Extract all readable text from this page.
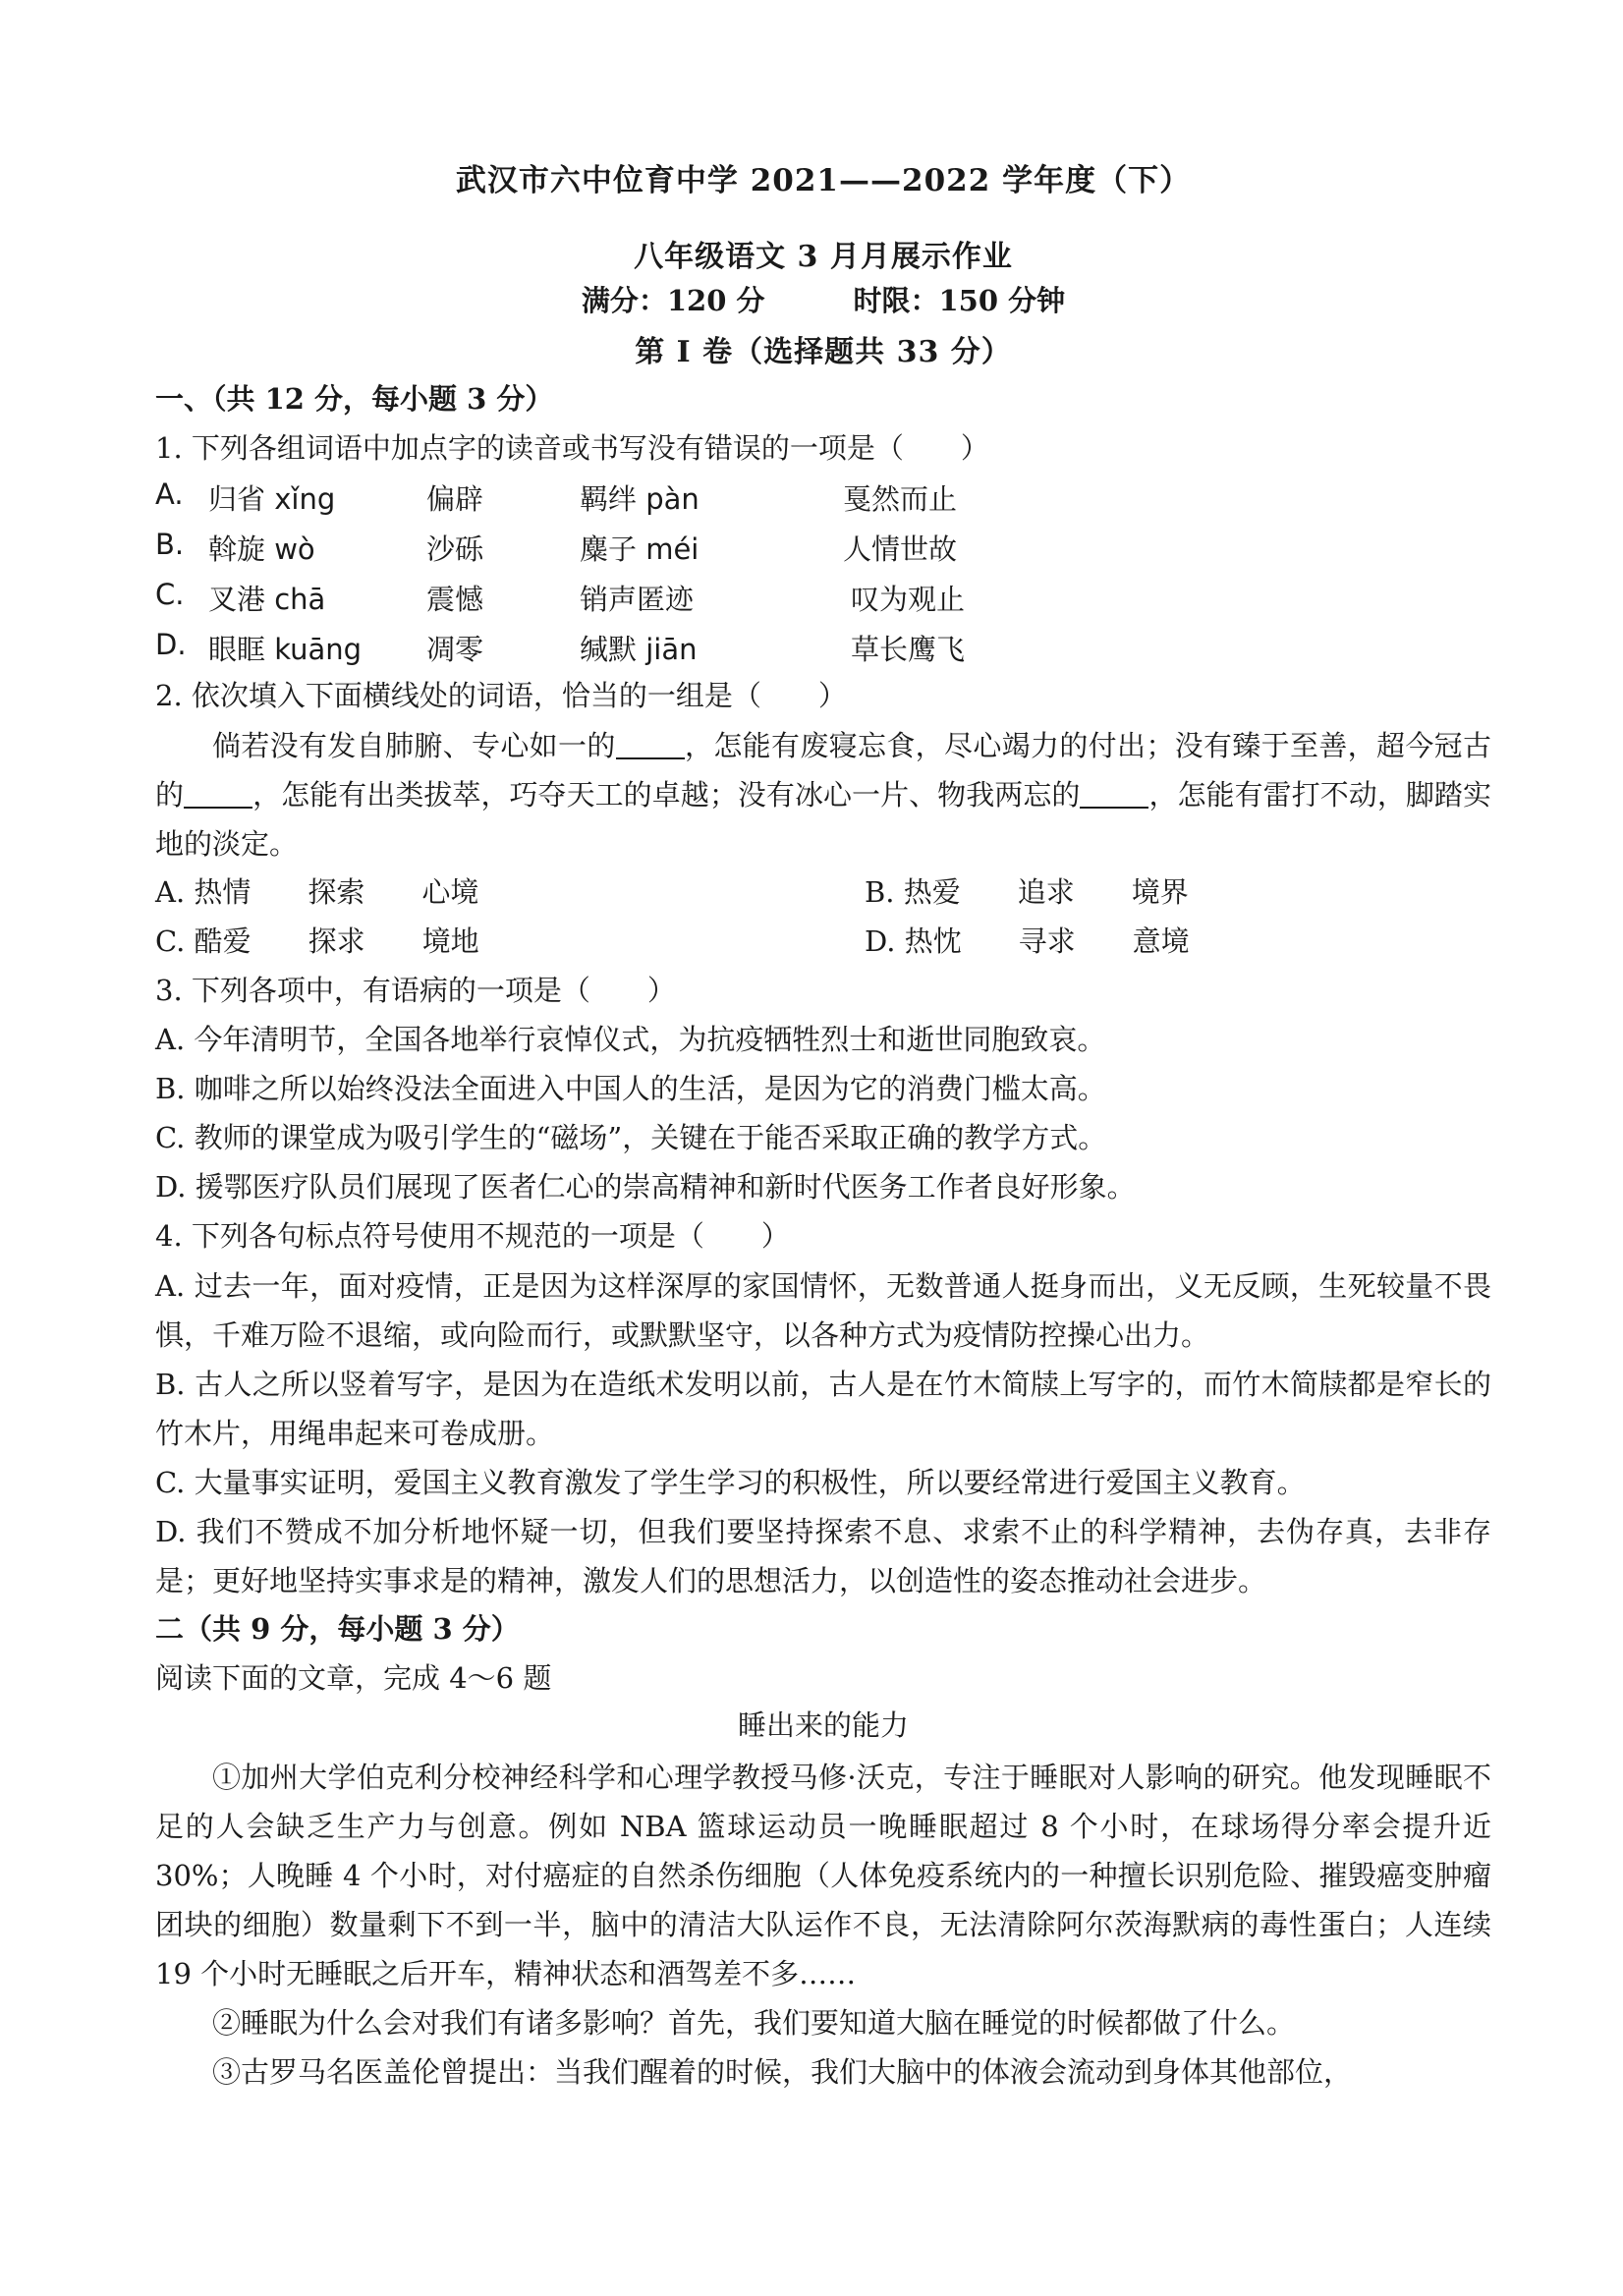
武汉市六中位育中学 2021——2022 学年度（下）
八年级语文 3 月月展示作业
满分：120 分	时限：150 分钟
第 I 卷（选择题共 33 分）
一、（共 12 分，每小题 3 分）
1. 下列各组词语中加点字的读音或书写没有错误的一项是（　　）
A. 归省 xǐng	偏辟	羁绊 pàn	戛然而止
B. 斡旋 wò	沙砾	麋子 méi	人情世故
C. 叉港 chā	震憾	销声匿迹	叹为观止
D. 眼眶 kuāng 凋零	缄默 jiān	草长鹰飞
2. 依次填入下面横线处的词语，恰当的一组是（　　）
倘若没有发自肺腑、专心如一的 ，怎能有废寝忘食，尽心竭力的付出；没有臻于至善，超今冠古的 ，怎能有出类拔萃，巧夺天工的卓越；没有冰心一片、物我两忘的 ，怎能有雷打不动，脚踏实地的淡定。
A. 热情　　探索　　心境	B. 热爱　　追求　　境界
C. 酷爱　　探求　　境地	D. 热忱　　寻求　　意境
3. 下列各项中，有语病的一项是（　　）
A. 今年清明节，全国各地举行哀悼仪式，为抗疫牺牲烈士和逝世同胞致哀。
B. 咖啡之所以始终没法全面进入中国人的生活，是因为它的消费门槛太高。
C. 教师的课堂成为吸引学生的“磁场”，关键在于能否采取正确的教学方式。
D. 援鄂医疗队员们展现了医者仁心的崇高精神和新时代医务工作者良好形象。
4. 下列各句标点符号使用不规范的一项是（　　）
A. 过去一年，面对疫情，正是因为这样深厚的家国情怀，无数普通人挺身而出，义无反顾，生死较量不畏惧，千难万险不退缩，或向险而行，或默默坚守，以各种方式为疫情防控操心出力。
B. 古人之所以竖着写字，是因为在造纸术发明以前，古人是在竹木简牍上写字的，而竹木简牍都是窄长的竹木片，用绳串起来可卷成册。
C. 大量事实证明，爱国主义教育激发了学生学习的积极性，所以要经常进行爱国主义教育。
D. 我们不赞成不加分析地怀疑一切，但我们要坚持探索不息、求索不止的科学精神，去伪存真，去非存是；更好地坚持实事求是的精神，激发人们的思想活力，以创造性的姿态推动社会进步。
二（共 9 分，每小题 3 分）
阅读下面的文章，完成 4～6 题
睡出来的能力
①加州大学伯克利分校神经科学和心理学教授马修·沃克，专注于睡眠对人影响的研究。他发现睡眠不足的人会缺乏生产力与创意。例如 NBA 篮球运动员一晚睡眠超过 8 个小时，在球场得分率会提升近 30%；人晚睡 4 个小时，对付癌症的自然杀伤细胞（人体免疫系统内的一种擅长识别危险、摧毁癌变肿瘤团块的细胞）数量剩下不到一半，脑中的清洁大队运作不良，无法清除阿尔茨海默病的毒性蛋白；人连续 19 个小时无睡眠之后开车，精神状态和酒驾差不多……
②睡眠为什么会对我们有诸多影响？首先，我们要知道大脑在睡觉的时候都做了什么。
③古罗马名医盖伦曾提出：当我们醒着的时候，我们大脑中的体液会流动到身体其他部位，
